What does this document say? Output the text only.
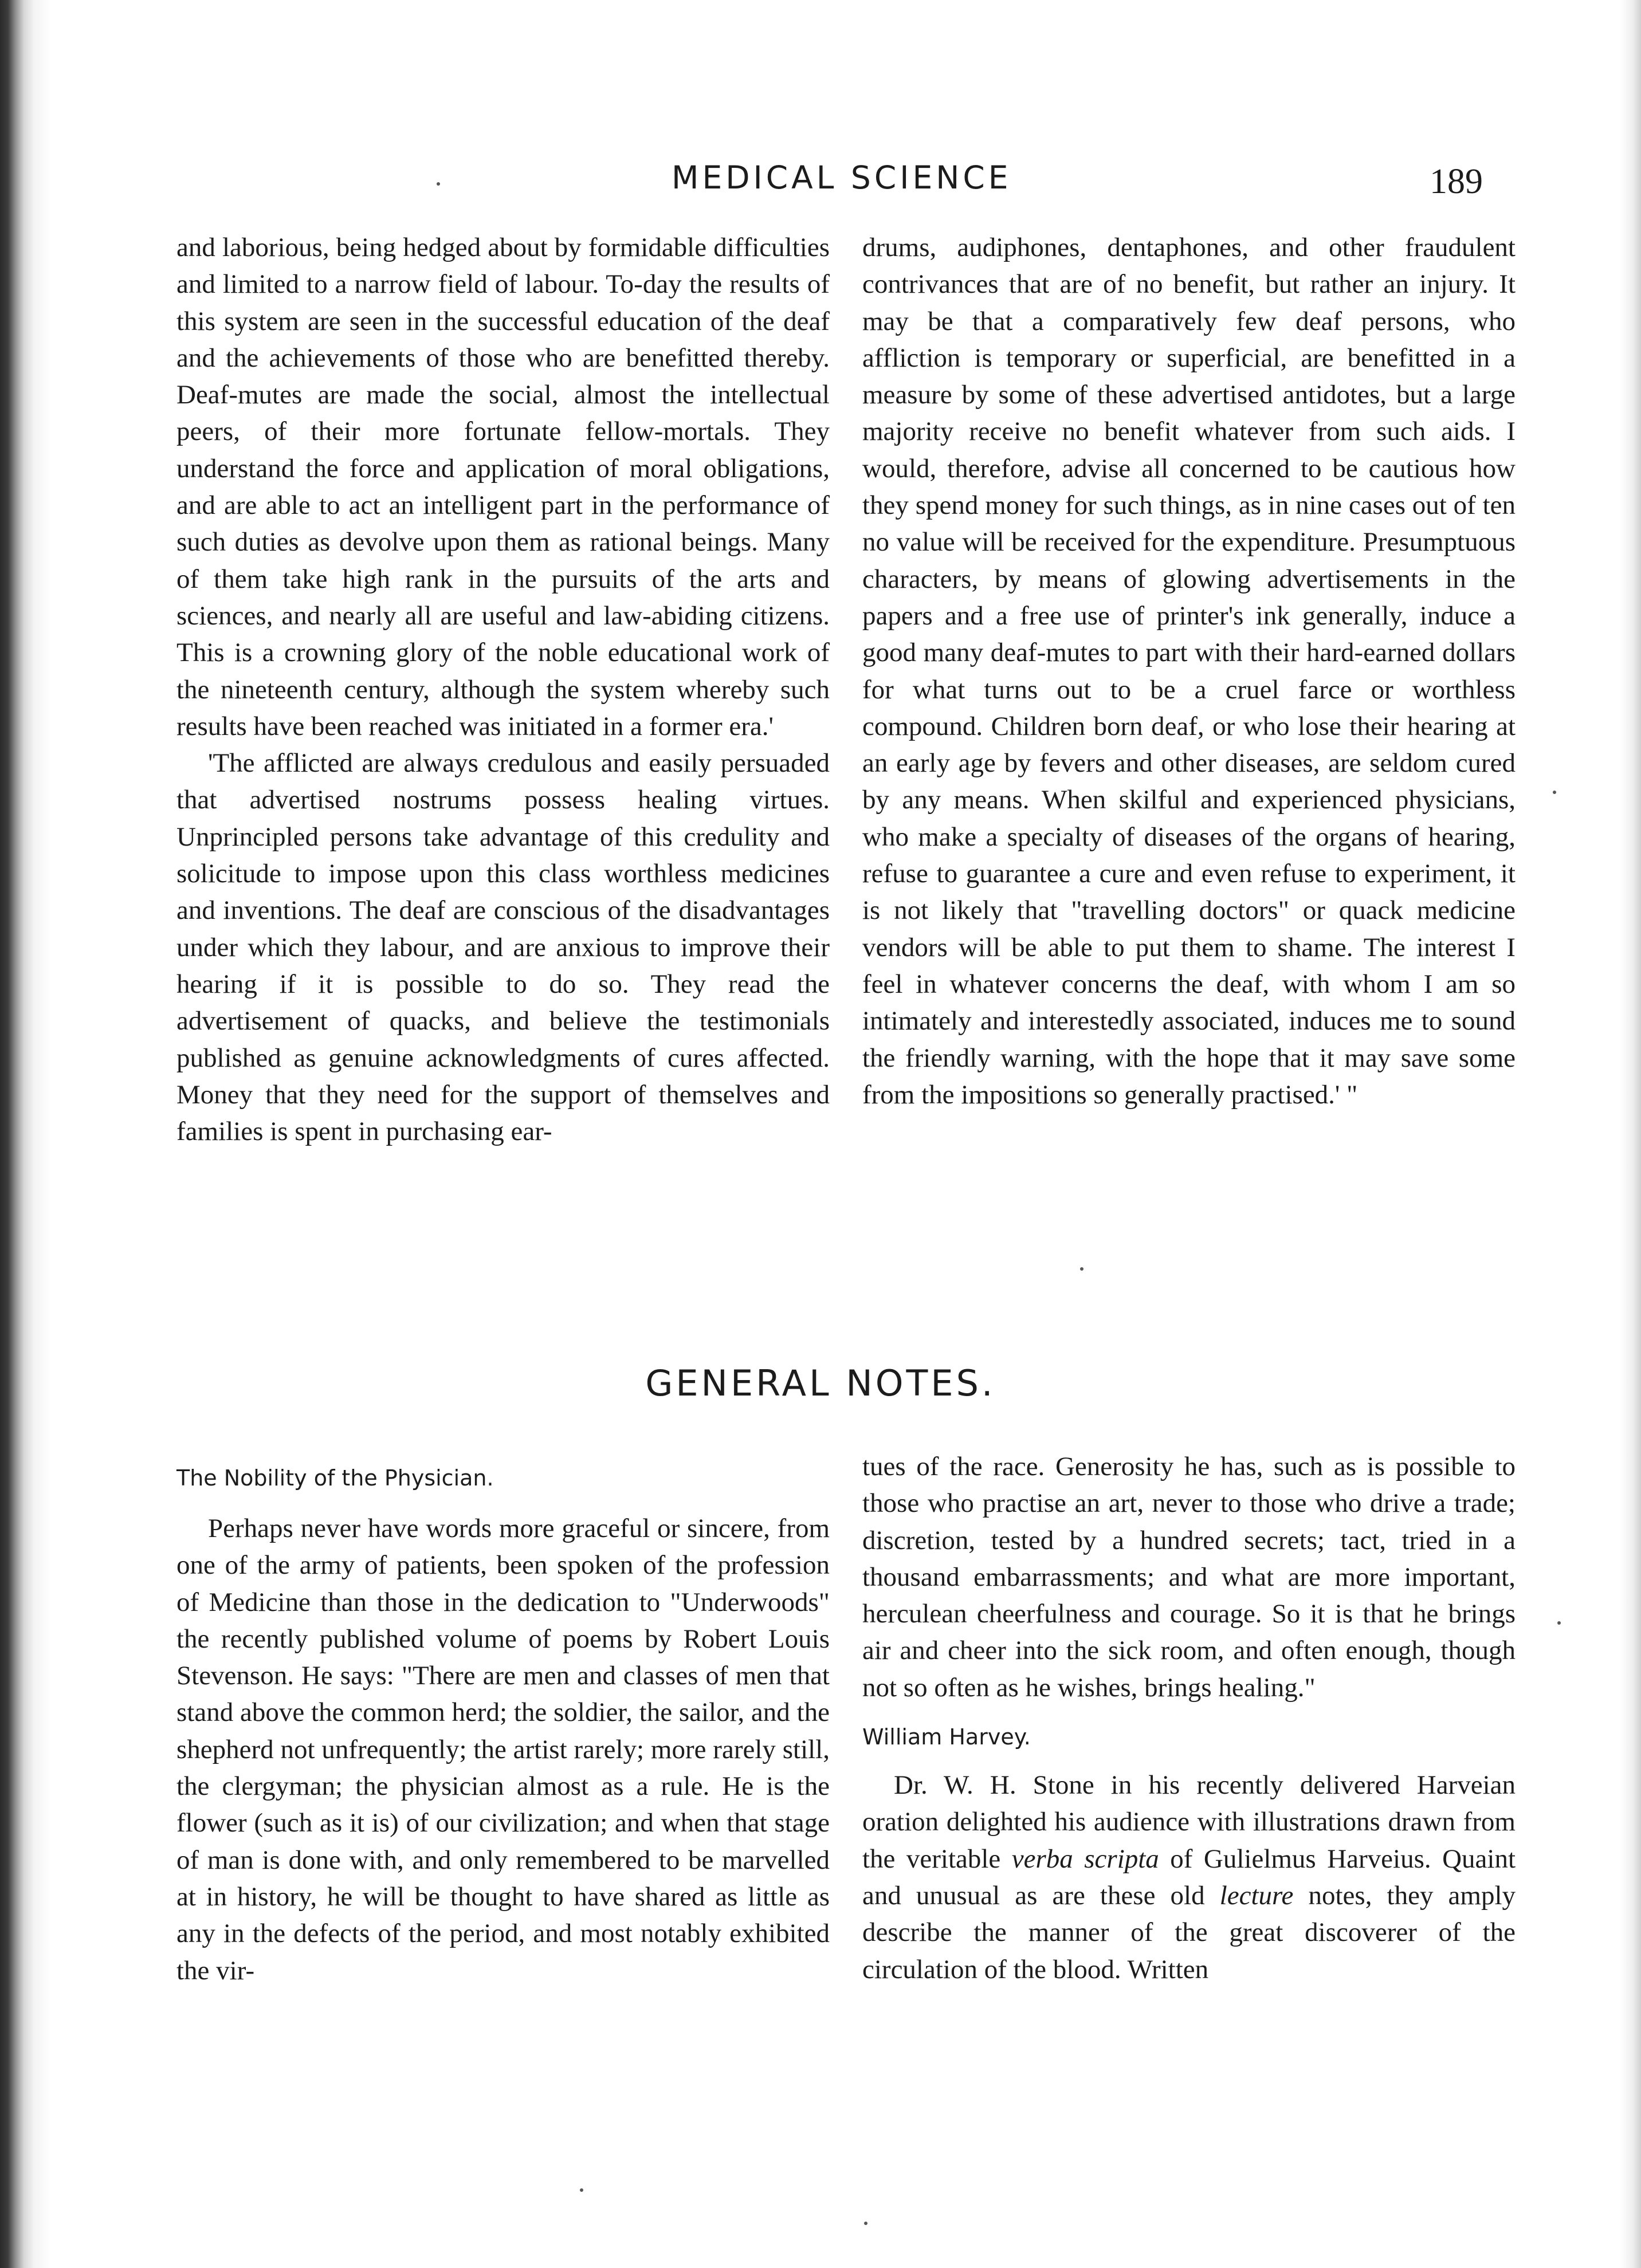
MEDICAL SCIENCE	189

and laborious, being hedged about by formidable difficulties and limited to a narrow field of labour. To-day the results of this system are seen in the successful education of the deaf and the achievements of those who are benefitted thereby. Deaf-mutes are made the social, almost the intellectual peers, of their more fortunate fellow-mortals. They understand the force and application of moral obligations, and are able to act an intelligent part in the performance of such duties as devolve upon them as rational beings. Many of them take high rank in the pursuits of the arts and sciences, and nearly all are useful and law-abiding citizens. This is a crowning glory of the noble educational work of the nineteenth century, although the system whereby such results have been reached was initiated in a former era.'

'The afflicted are always credulous and easily persuaded that advertised nostrums possess healing virtues. Unprincipled persons take advantage of this credulity and solicitude to impose upon this class worthless medicines and inventions. The deaf are conscious of the disadvantages under which they labour, and are anxious to improve their hearing if it is possible to do so. They read the advertisement of quacks, and believe the testimonials published as genuine acknowledgments of cures affected. Money that they need for the support of themselves and families is spent in purchasing ear-

drums, audiphones, dentaphones, and other fraudulent contrivances that are of no benefit, but rather an injury. It may be that a comparatively few deaf persons, who affliction is temporary or superficial, are benefitted in a measure by some of these advertised antidotes, but a large majority receive no benefit whatever from such aids. I would, therefore, advise all concerned to be cautious how they spend money for such things, as in nine cases out of ten no value will be received for the expenditure. Presumptuous characters, by means of glowing advertisements in the papers and a free use of printer's ink generally, induce a good many deaf-mutes to part with their hard-earned dollars for what turns out to be a cruel farce or worthless compound. Children born deaf, or who lose their hearing at an early age by fevers and other diseases, are seldom cured by any means. When skilful and experienced physicians, who make a specialty of diseases of the organs of hearing, refuse to guarantee a cure and even refuse to experiment, it is not likely that "travelling doctors" or quack medicine vendors will be able to put them to shame. The interest I feel in whatever concerns the deaf, with whom I am so intimately and interestedly associated, induces me to sound the friendly warning, with the hope that it may save some from the impositions so generally practised.' "

GENERAL NOTES.
The Nobility of the Physician.

Perhaps never have words more graceful or sincere, from one of the army of patients, been spoken of the profession of Medicine than those in the dedication to "Underwoods" the recently published volume of poems by Robert Louis Stevenson. He says: "There are men and classes of men that stand above the common herd; the soldier, the sailor, and the shepherd not unfrequently; the artist rarely; more rarely still, the clergyman; the physician almost as a rule. He is the flower (such as it is) of our civilization; and when that stage of man is done with, and only remembered to be marvelled at in history, he will be thought to have shared as little as any in the defects of the period, and most notably exhibited the vir-

tues of the race. Generosity he has, such as is possible to those who practise an art, never to those who drive a trade; discretion, tested by a hundred secrets; tact, tried in a thousand embarrassments; and what are more important, herculean cheerfulness and courage. So it is that he brings air and cheer into the sick room, and often enough, though not so often as he wishes, brings healing."

William Harvey.

Dr. W. H. Stone in his recently delivered Harveian oration delighted his audience with illustrations drawn from the veritable verba scripta of Gulielmus Harveius. Quaint and unusual as are these old lecture notes, they amply describe the manner of the great discoverer of the circulation of the blood. Written
